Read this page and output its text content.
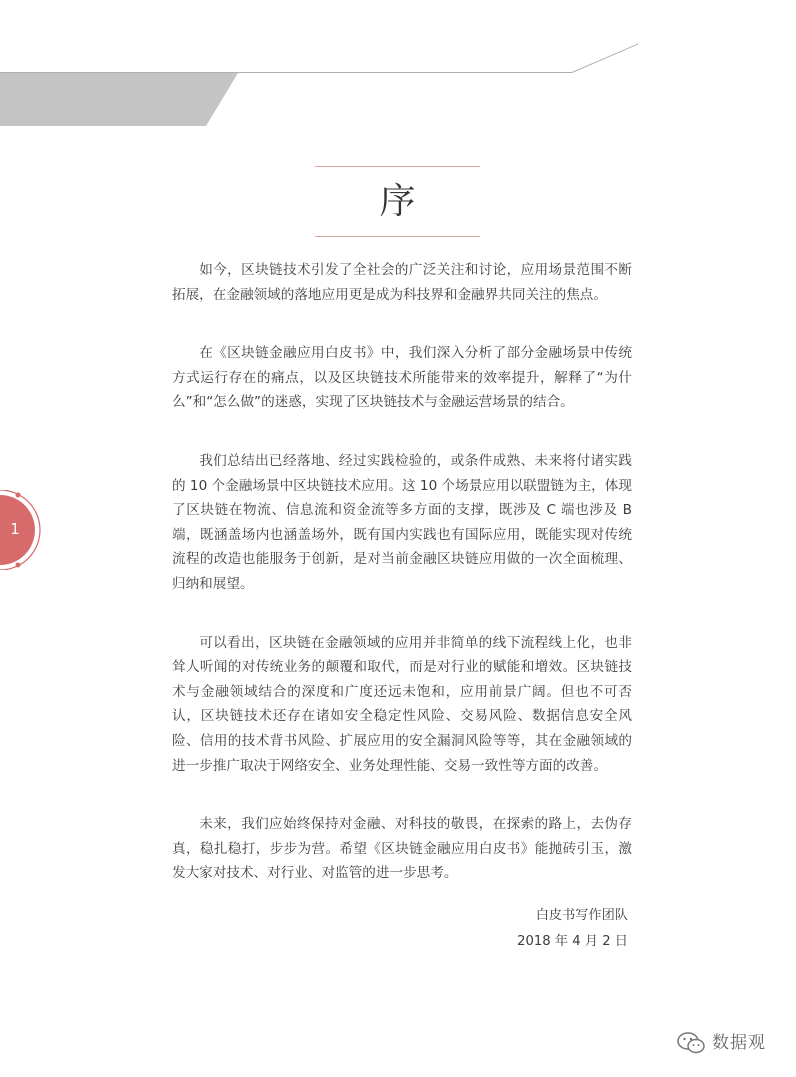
序

如今，区块链技术引发了全社会的广泛关注和讨论，应用场景范围不断拓展，在金融领域的落地应用更是成为科技界和金融界共同关注的焦点。

在《区块链金融应用白皮书》中，我们深入分析了部分金融场景中传统方式运行存在的痛点，以及区块链技术所能带来的效率提升，解释了“为什么”和“怎么做”的迷惑，实现了区块链技术与金融运营场景的结合。

我们总结出已经落地、经过实践检验的，或条件成熟、未来将付诸实践的 10 个金融场景中区块链技术应用。这 10 个场景应用以联盟链为主，体现了区块链在物流、信息流和资金流等多方面的支撑，既涉及 C 端也涉及 B 端，既涵盖场内也涵盖场外，既有国内实践也有国际应用，既能实现对传统流程的改造也能服务于创新，是对当前金融区块链应用做的一次全面梳理、归纳和展望。

可以看出，区块链在金融领域的应用并非简单的线下流程线上化，也非耸人听闻的对传统业务的颠覆和取代，而是对行业的赋能和增效。区块链技术与金融领域结合的深度和广度还远未饱和，应用前景广阔。但也不可否认，区块链技术还存在诸如安全稳定性风险、交易风险、数据信息安全风险、信用的技术背书风险、扩展应用的安全漏洞风险等等，其在金融领域的进一步推广取决于网络安全、业务处理性能、交易一致性等方面的改善。

未来，我们应始终保持对金融、对科技的敬畏，在探索的路上，去伪存真，稳扎稳打，步步为营。希望《区块链金融应用白皮书》能抛砖引玉，激发大家对技术、对行业、对监管的进一步思考。

白皮书写作团队
2018 年 4 月 2 日
1
数据观
